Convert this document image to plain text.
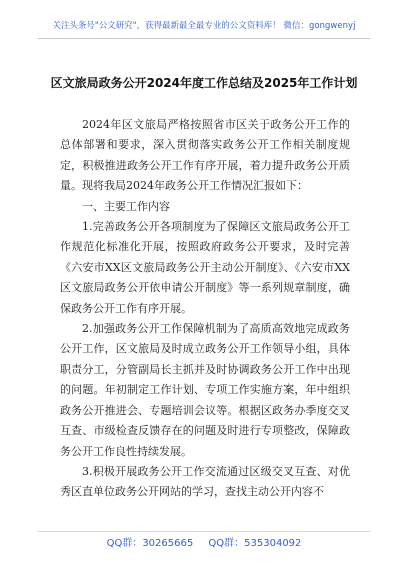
关注头条号"公文研究"，获得最新最全最专业的公文资料库！ 微信：gongwenyj
区文旅局政务公开2024年度工作总结及2025年工作计划

2024年区文旅局严格按照省市区关于政务公开工作的总体部署和要求，深入贯彻落实政务公开工作相关制度规定，积极推进政务公开工作有序开展，着力提升政务公开质量。现将我局2024年政务公开工作情况汇报如下：

一、主要工作内容

1.完善政务公开各项制度为了保障区文旅局政务公开工作规范化标准化开展，按照政府政务公开要求，及时完善《六安市XX区文旅局政务公开主动公开制度》、《六安市XX区文旅局政务公开依申请公开制度》等一系列规章制度，确保政务公开工作有序开展。

2.加强政务公开工作保障机制为了高质高效地完成政务公开工作，区文旅局及时成立政务公开工作领导小组，具体职责分工，分管副局长主抓并及时协调政务公开工作中出现的问题。年初制定工作计划、专项工作实施方案，年中组织政务公开推进会、专题培训会议等。根据区政务办季度交叉互查、市级检查反馈存在的问题及时进行专项整改，保障政务公开工作良性持续发展。

3.积极开展政务公开工作交流通过区级交叉互查、对优秀区直单位政务公开网站的学习，查找主动公开内容不

QQ群：30265665 QQ群：535304092
